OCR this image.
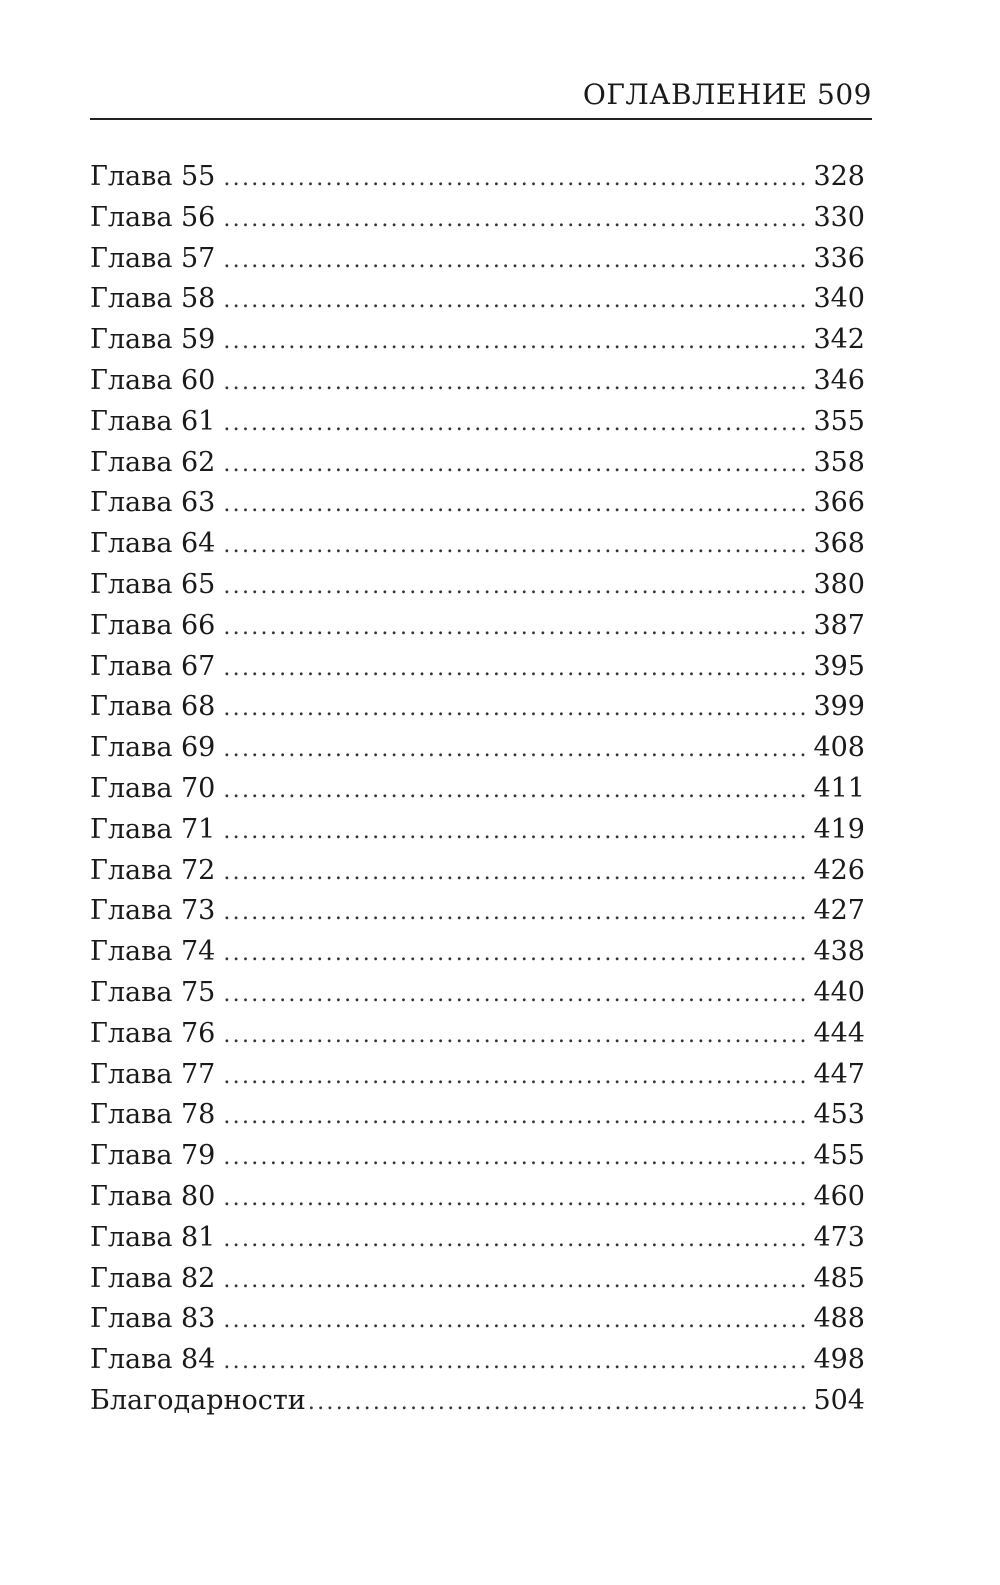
ОГЛАВЛЕНИЕ 509
Глава 55 .....	328
Глава 56 .....	330
Глава 57 .....	336
Глава 58 .....	340
Глава 59 .....	342
Глава 60 .....	346
Глава 61 .....	355
Глава 62 .....	358
Глава 63 .....	366
Глава 64 .....	368
Глава 65 .....	380
Глава 66 .....	387
Глава 67 .....	395
Глава 68 .....	399
Глава 69 .....	408
Глава 70 .....	411
Глава 71 .....	419
Глава 72 .....	426
Глава 73 .....	427
Глава 74 .....	438
Глава 75 .....	440
Глава 76 .....	444
Глава 77 .....	447
Глава 78 .....	453
Глава 79 .....	455
Глава 80 .....	460
Глава 81 .....	473
Глава 82 .....	485
Глава 83 .....	488
Глава 84 .....	498
Благодарности .....	504
